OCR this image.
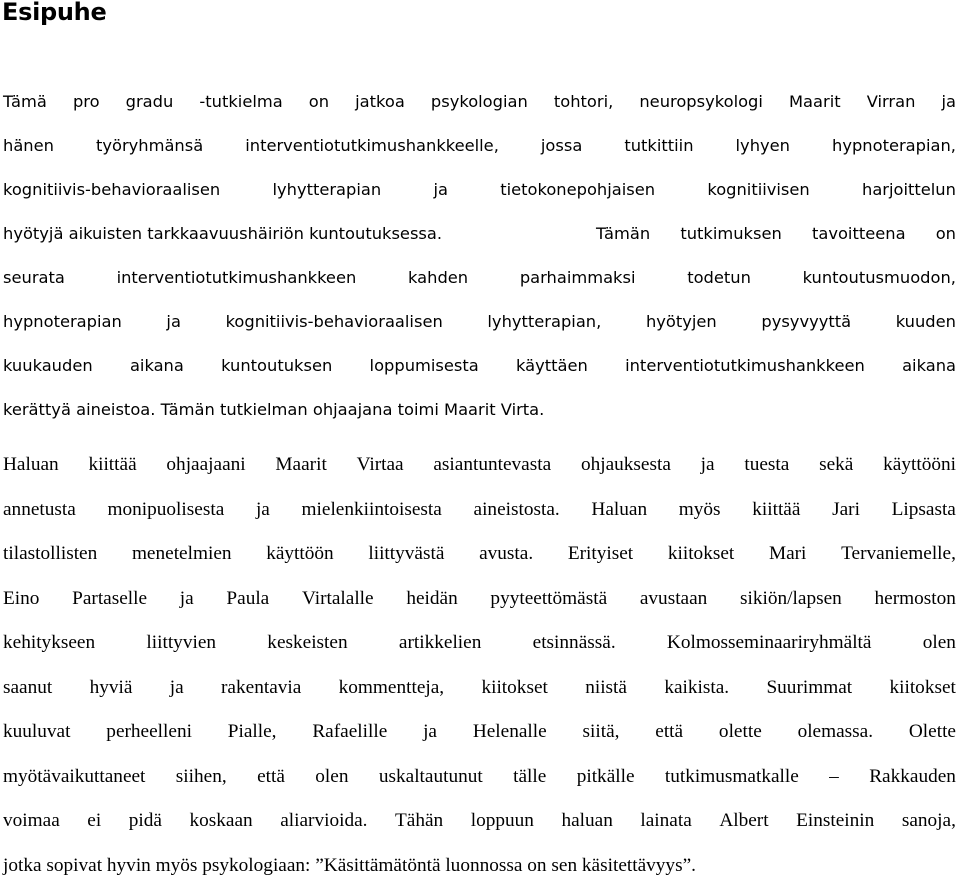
Esipuhe
Tämä pro gradu -tutkielma on jatkoa psykologian tohtori, neuropsykologi Maarit Virran ja
hänen	työryhmänsä	interventiotutkimushankkeelle,	jossa	tutkittiin	lyhyen	hypnoterapian,
kognitiivis-behavioraalisen	lyhytterapian	ja	tietokonepohjaisen	kognitiivisen	harjoittelun
hyötyjä aikuisten tarkkaavuushäiriön kuntoutuksessa.	Tämän tutkimuksen tavoitteena on
seurata	interventiotutkimushankkeen	kahden	parhaimmaksi	todetun	kuntoutusmuodon,
hypnoterapian	ja	kognitiivis-behavioraalisen	lyhytterapian,	hyötyjen	pysyvyyttä	kuuden
kuukauden aikana kuntoutuksen loppumisesta käyttäen interventiotutkimushankkeen aikana
kerättyä aineistoa. Tämän tutkielman ohjaajana toimi Maarit Virta.
Haluan kiittää ohjaajaani Maarit Virtaa asiantuntevasta ohjauksesta ja tuesta sekä käyttööni
annetusta monipuolisesta ja mielenkiintoisesta aineistosta. Haluan myös kiittää Jari Lipsasta
tilastollisten menetelmien käyttöön liittyvästä avusta. Erityiset kiitokset Mari Tervaniemelle,
Eino Partaselle ja Paula Virtalalle heidän pyyteettömästä avustaan sikiön/lapsen hermoston
kehitykseen	liittyvien	keskeisten	artikkelien	etsinnässä.	Kolmosseminaariryhmältä	olen
saanut hyviä ja rakentavia kommentteja, kiitokset niistä kaikista. Suurimmat kiitokset
kuuluvat perheelleni Pialle, Rafaelille ja Helenalle siitä, että olette olemassa. Olette
myötävaikuttaneet siihen, että olen uskaltautunut tälle pitkälle tutkimusmatkalle – Rakkauden
voimaa ei pidä koskaan aliarvioida. Tähän loppuun haluan lainata Albert Einsteinin sanoja,
jotka sopivat hyvin myös psykologiaan: ”Käsittämätöntä luonnossa on sen käsitettävyys”.
